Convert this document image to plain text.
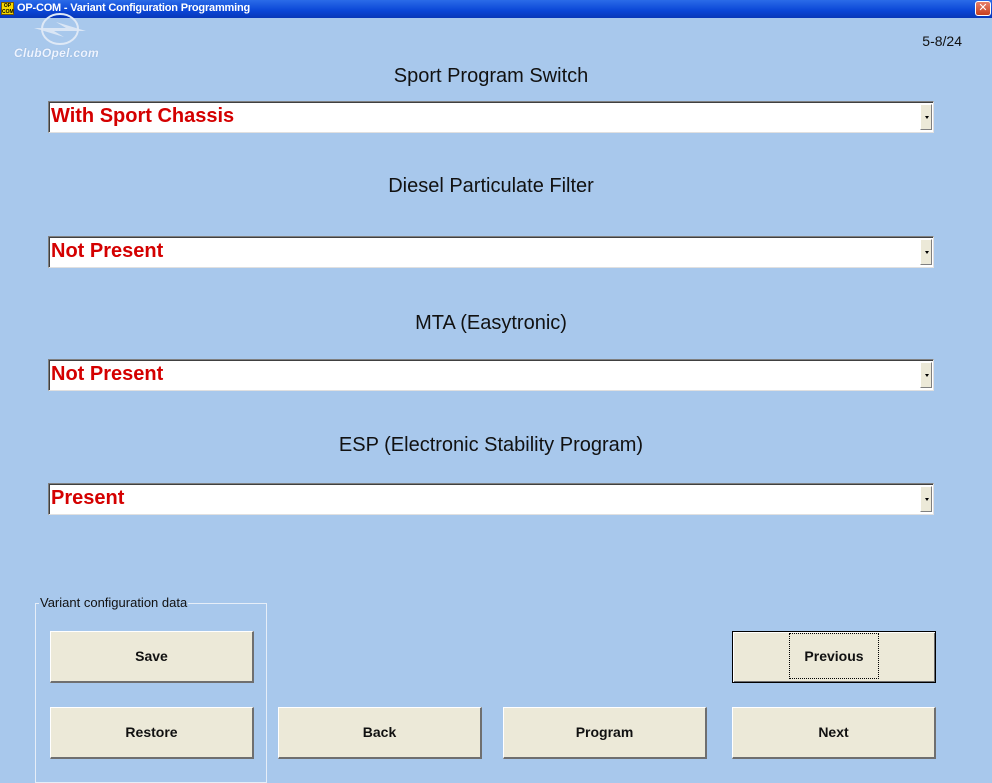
OP COM OP-COM - Variant Configuration Programming	✕
ClubOpel.com
5-8/24
Sport Program Switch
With Sport Chassis
Diesel Particulate Filter
Not Present
MTA (Easytronic)
Not Present
ESP (Electronic Stability Program)
Present
Variant configuration data
Save
Restore
Previous
Back	Program	Next
